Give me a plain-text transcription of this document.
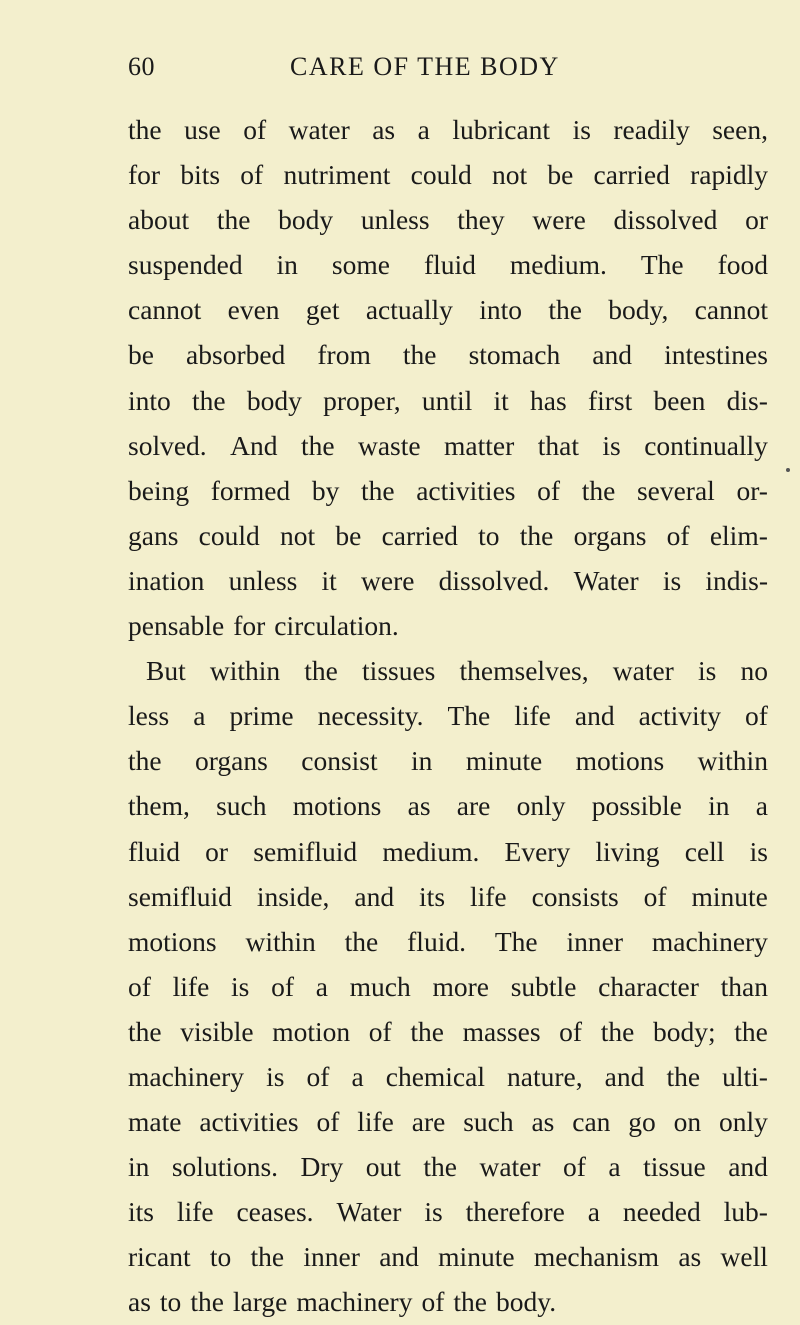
60	CARE OF THE BODY
the use of water as a lubricant is readily seen,
for bits of nutriment could not be carried rapidly
about the body unless they were dissolved or
suspended in some fluid medium. The food
cannot even get actually into the body, cannot
be absorbed from the stomach and intestines
into the body proper, until it has first been dis-
solved. And the waste matter that is continually
being formed by the activities of the several or-
gans could not be carried to the organs of elim-
ination unless it were dissolved. Water is indis-
pensable for circulation.
But within the tissues themselves, water is no
less a prime necessity. The life and activity of
the organs consist in minute motions within
them, such motions as are only possible in a
fluid or semifluid medium. Every living cell is
semifluid inside, and its life consists of minute
motions within the fluid. The inner machinery
of life is of a much more subtle character than
the visible motion of the masses of the body; the
machinery is of a chemical nature, and the ulti-
mate activities of life are such as can go on only
in solutions. Dry out the water of a tissue and
its life ceases. Water is therefore a needed lub-
ricant to the inner and minute mechanism as well
as to the large machinery of the body.
